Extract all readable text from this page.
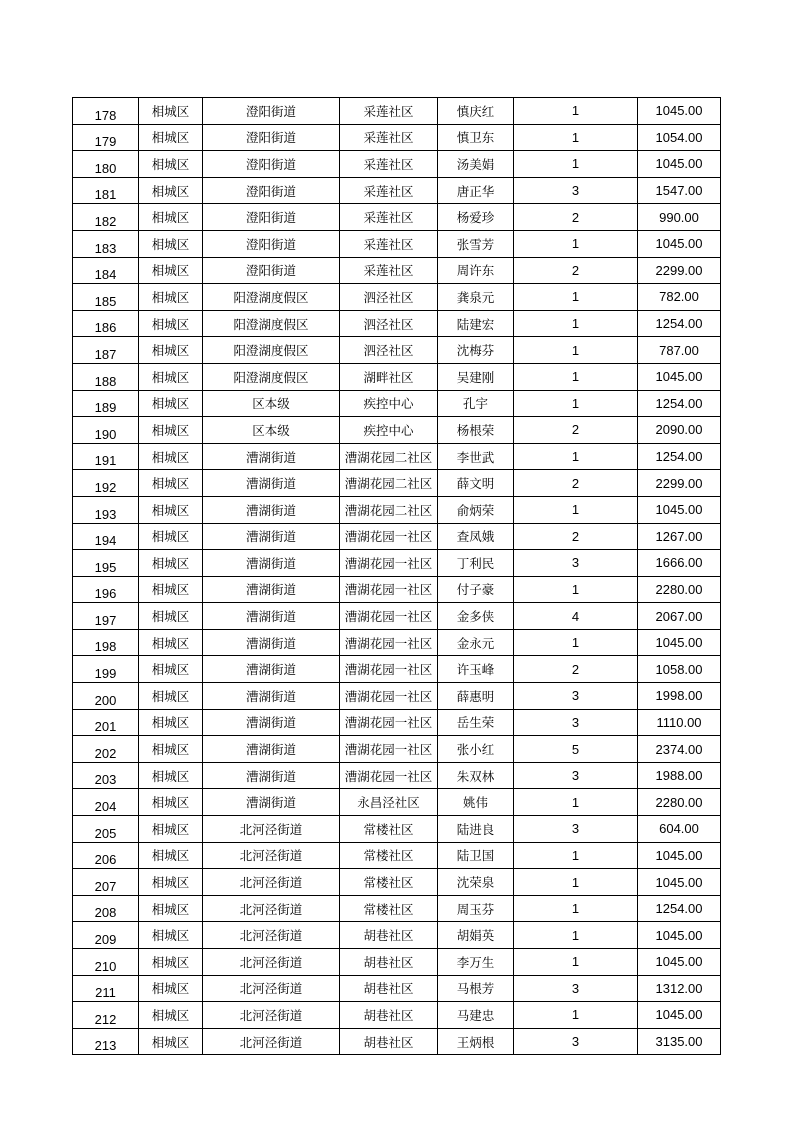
178	相城区	澄阳街道	采莲社区	慎庆红	1	1045.00
179	相城区	澄阳街道	采莲社区	慎卫东	1	1054.00
180	相城区	澄阳街道	采莲社区	汤美娟	1	1045.00
181	相城区	澄阳街道	采莲社区	唐正华	3	1547.00
182	相城区	澄阳街道	采莲社区	杨爱珍	2	990.00
183	相城区	澄阳街道	采莲社区	张雪芳	1	1045.00
184	相城区	澄阳街道	采莲社区	周许东	2	2299.00
185	相城区	阳澄湖度假区	泗泾社区	龚泉元	1	782.00
186	相城区	阳澄湖度假区	泗泾社区	陆建宏	1	1254.00
187	相城区	阳澄湖度假区	泗泾社区	沈梅芬	1	787.00
188	相城区	阳澄湖度假区	湖畔社区	吴建刚	1	1045.00
189	相城区	区本级	疾控中心	孔宇	1	1254.00
190	相城区	区本级	疾控中心	杨根荣	2	2090.00
191	相城区	漕湖街道	漕湖花园二社区	李世武	1	1254.00
192	相城区	漕湖街道	漕湖花园二社区	薛文明	2	2299.00
193	相城区	漕湖街道	漕湖花园二社区	俞炳荣	1	1045.00
194	相城区	漕湖街道	漕湖花园一社区	查凤娥	2	1267.00
195	相城区	漕湖街道	漕湖花园一社区	丁利民	3	1666.00
196	相城区	漕湖街道	漕湖花园一社区	付子豪	1	2280.00
197	相城区	漕湖街道	漕湖花园一社区	金多侠	4	2067.00
198	相城区	漕湖街道	漕湖花园一社区	金永元	1	1045.00
199	相城区	漕湖街道	漕湖花园一社区	许玉峰	2	1058.00
200	相城区	漕湖街道	漕湖花园一社区	薛惠明	3	1998.00
201	相城区	漕湖街道	漕湖花园一社区	岳生荣	3	1110.00
202	相城区	漕湖街道	漕湖花园一社区	张小红	5	2374.00
203	相城区	漕湖街道	漕湖花园一社区	朱双林	3	1988.00
204	相城区	漕湖街道	永昌泾社区	姚伟	1	2280.00
205	相城区	北河泾街道	常楼社区	陆进良	3	604.00
206	相城区	北河泾街道	常楼社区	陆卫国	1	1045.00
207	相城区	北河泾街道	常楼社区	沈荣泉	1	1045.00
208	相城区	北河泾街道	常楼社区	周玉芬	1	1254.00
209	相城区	北河泾街道	胡巷社区	胡娟英	1	1045.00
210	相城区	北河泾街道	胡巷社区	李万生	1	1045.00
211	相城区	北河泾街道	胡巷社区	马根芳	3	1312.00
212	相城区	北河泾街道	胡巷社区	马建忠	1	1045.00
213	相城区	北河泾街道	胡巷社区	王炳根	3	3135.00
